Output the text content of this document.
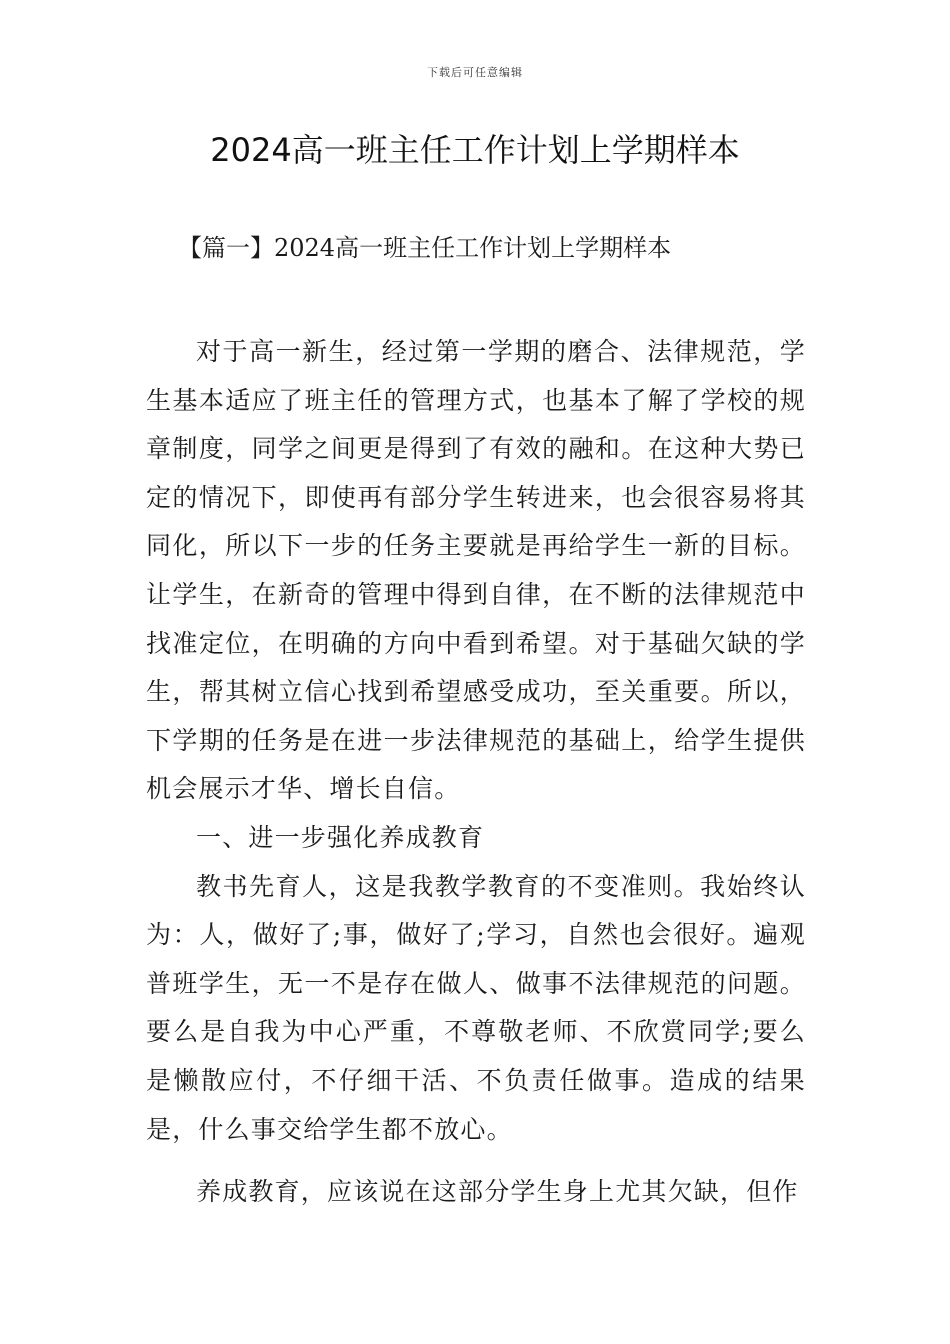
下载后可任意编辑
2024高一班主任工作计划上学期样本
【篇一】2024高一班主任工作计划上学期样本

对于高一新生，经过第一学期的磨合、法律规范，学生基本适应了班主任的管理方式，也基本了解了学校的规章制度，同学之间更是得到了有效的融和。在这种大势已定的情况下，即使再有部分学生转进来，也会很容易将其同化，所以下一步的任务主要就是再给学生一新的目标。让学生，在新奇的管理中得到自律，在不断的法律规范中找准定位，在明确的方向中看到希望。对于基础欠缺的学生，帮其树立信心找到希望感受成功，至关重要。所以，下学期的任务是在进一步法律规范的基础上，给学生提供机会展示才华、增长自信。

一、进一步强化养成教育

教书先育人，这是我教学教育的不变准则。我始终认为：人，做好了;事，做好了;学习，自然也会很好。遍观普班学生，无一不是存在做人、做事不法律规范的问题。要么是自我为中心严重，不尊敬老师、不欣赏同学;要么是懒散应付，不仔细干活、不负责任做事。造成的结果是，什么事交给学生都不放心。

养成教育，应该说在这部分学生身上尤其欠缺，但作
